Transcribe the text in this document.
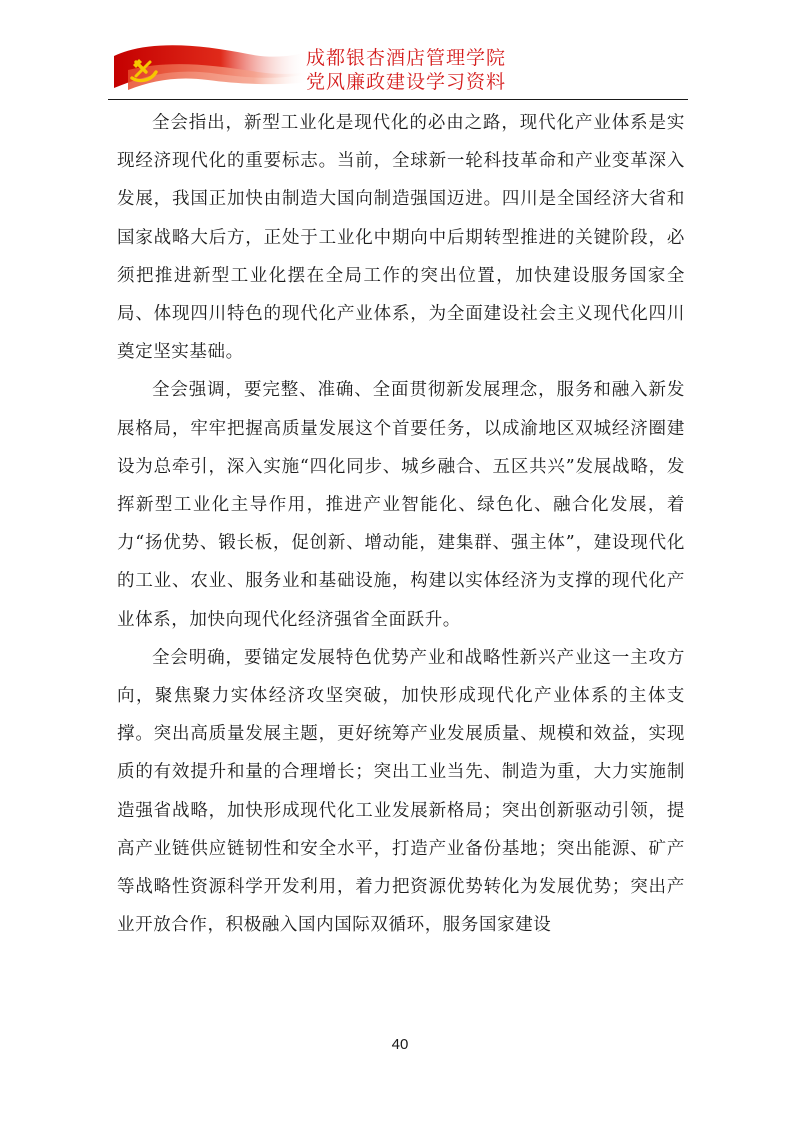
成都银杏酒店管理学院
党风廉政建设学习资料

全会指出，新型工业化是现代化的必由之路，现代化产业体系是实现经济现代化的重要标志。当前，全球新一轮科技革命和产业变革深入发展，我国正加快由制造大国向制造强国迈进。四川是全国经济大省和国家战略大后方，正处于工业化中期向中后期转型推进的关键阶段，必须把推进新型工业化摆在全局工作的突出位置，加快建设服务国家全局、体现四川特色的现代化产业体系，为全面建设社会主义现代化四川奠定坚实基础。

全会强调，要完整、准确、全面贯彻新发展理念，服务和融入新发展格局，牢牢把握高质量发展这个首要任务，以成渝地区双城经济圈建设为总牵引，深入实施“四化同步、城乡融合、五区共兴”发展战略，发挥新型工业化主导作用，推进产业智能化、绿色化、融合化发展，着力“扬优势、锻长板，促创新、增动能，建集群、强主体”，建设现代化的工业、农业、服务业和基础设施，构建以实体经济为支撑的现代化产业体系，加快向现代化经济强省全面跃升。

全会明确，要锚定发展特色优势产业和战略性新兴产业这一主攻方向，聚焦聚力实体经济攻坚突破，加快形成现代化产业体系的主体支撑。突出高质量发展主题，更好统筹产业发展质量、规模和效益，实现质的有效提升和量的合理增长；突出工业当先、制造为重，大力实施制造强省战略，加快形成现代化工业发展新格局；突出创新驱动引领，提高产业链供应链韧性和安全水平，打造产业备份基地；突出能源、矿产等战略性资源科学开发利用，着力把资源优势转化为发展优势；突出产业开放合作，积极融入国内国际双循环，服务国家建设

40
